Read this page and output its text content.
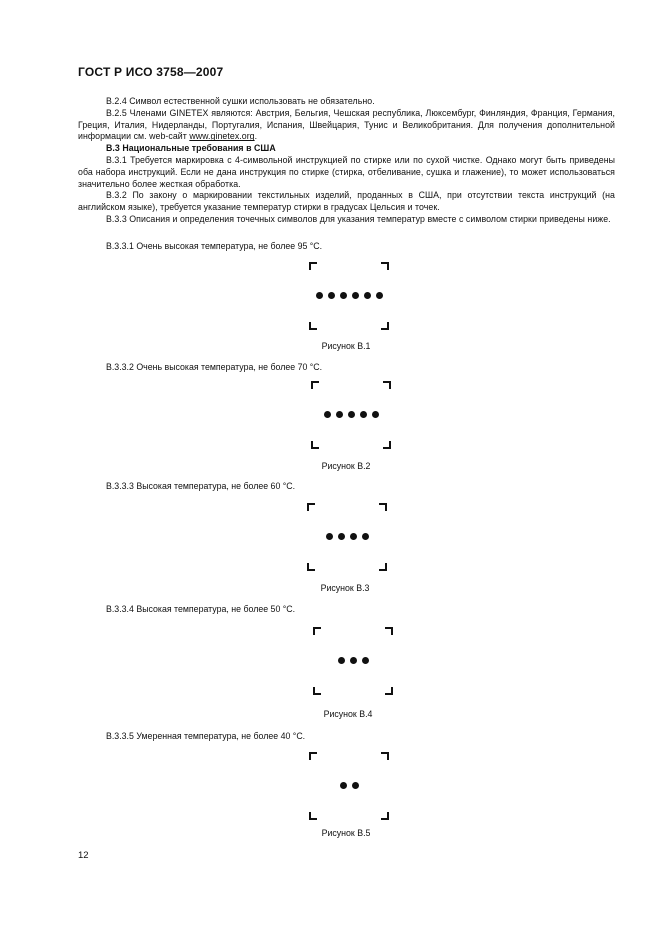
ГОСТ Р ИСО 3758—2007

В.2.4 Символ естественной сушки использовать не обязательно.

В.2.5 Членами GINETEX являются: Австрия, Бельгия, Чешская республика, Люксембург, Финляндия, Франция, Германия, Греция, Италия, Нидерланды, Португалия, Испания, Швейцария, Тунис и Великобритания. Для получения дополнительной информации см. web-сайт www.ginetex.org.

В.3 Национальные требования в США

В.3.1 Требуется маркировка с 4-символьной инструкцией по стирке или по сухой чистке. Однако могут быть приведены оба набора инструкций. Если не дана инструкция по стирке (стирка, отбеливание, сушка и глажение), то может использоваться значительно более жесткая обработка.

В.3.2 По закону о маркировании текстильных изделий, проданных в США, при отсутствии текста инструкций (на английском языке), требуется указание температур стирки в градусах Цельсия и точек.

В.3.3 Описания и определения точечных символов для указания температур вместе с символом стирки приведены ниже.

В.3.3.1 Очень высокая температура, не более 95 °С.
Рисунок В.1
В.3.3.2 Очень высокая температура, не более 70 °С.
Рисунок В.2
В.3.3.3 Высокая температура, не более 60 °С.
Рисунок В.3
В.3.3.4 Высокая температура, не более 50 °С.
Рисунок В.4
В.3.3.5 Умеренная температура, не более 40 °С.
Рисунок В.5
12
